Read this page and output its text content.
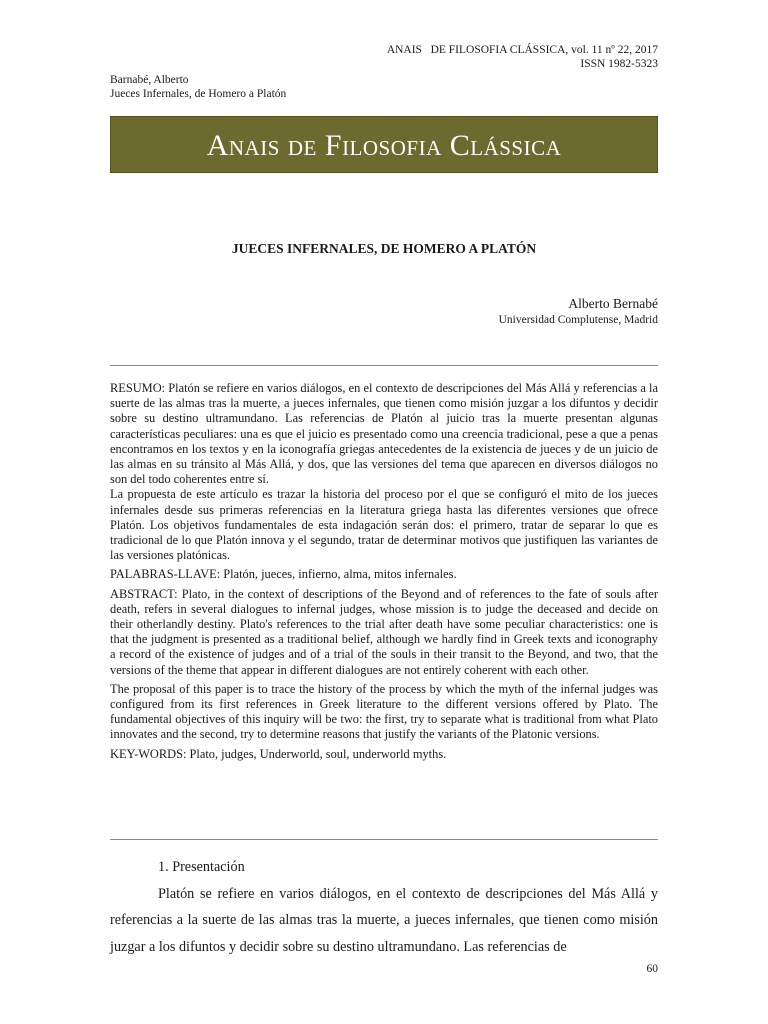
ANAIS   DE FILOSOFIA CLÁSSICA, vol. 11 nº 22, 2017
ISSN 1982-5323
Barnabé, Alberto
Jueces Infernales, de Homero a Platón
Anais de Filosofia Clássica
JUECES INFERNALES, DE HOMERO A PLATÓN
Alberto Bernabé
Universidad Complutense, Madrid

RESUMO: Platón se refiere en varios diálogos, en el contexto de descripciones del Más Allá y referencias a la suerte de las almas tras la muerte, a jueces infernales, que tienen como misión juzgar a los difuntos y decidir sobre su destino ultramundano. Las referencias de Platón al juicio tras la muerte presentan algunas características peculiares: una es que el juicio es presentado como una creencia tradicional, pese a que a penas encontramos en los textos y en la iconografía griegas antecedentes de la existencia de jueces y de un juicio de las almas en su tránsito al Más Allá, y dos, que las versiones del tema que aparecen en diversos diálogos no son del todo coherentes entre sí.

La propuesta de este artículo es trazar la historia del proceso por el que se configuró el mito de los jueces infernales desde sus primeras referencias en la literatura griega hasta las diferentes versiones que ofrece Platón. Los objetivos fundamentales de esta indagación serán dos: el primero, tratar de separar lo que es tradicional de lo que Platón innova y el segundo, tratar de determinar motivos que justifiquen las variantes de las versiones platónicas.

PALABRAS-LLAVE: Platón, jueces, infierno, alma, mitos infernales.

ABSTRACT: Plato, in the context of descriptions of the Beyond and of references to the fate of souls after death, refers in several dialogues to infernal judges, whose mission is to judge the deceased and decide on their otherlandly destiny. Plato's references to the trial after death have some peculiar characteristics: one is that the judgment is presented as a traditional belief, although we hardly find in Greek texts and iconography a record of the existence of judges and of a trial of the souls in their transit to the Beyond, and two, that the versions of the theme that appear in different dialogues are not entirely coherent with each other.

The proposal of this paper is to trace the history of the process by which the myth of the infernal judges was configured from its first references in Greek literature to the different versions offered by Plato. The fundamental objectives of this inquiry will be two: the first, try to separate what is traditional from what Plato innovates and the second, try to determine reasons that justify the variants of the Platonic versions.

KEY-WORDS: Plato, judges, Underworld, soul, underworld myths.

1. Presentación

Platón se refiere en varios diálogos, en el contexto de descripciones del Más Allá y referencias a la suerte de las almas tras la muerte, a jueces infernales, que tienen como misión juzgar a los difuntos y decidir sobre su destino ultramundano. Las referencias de

60
